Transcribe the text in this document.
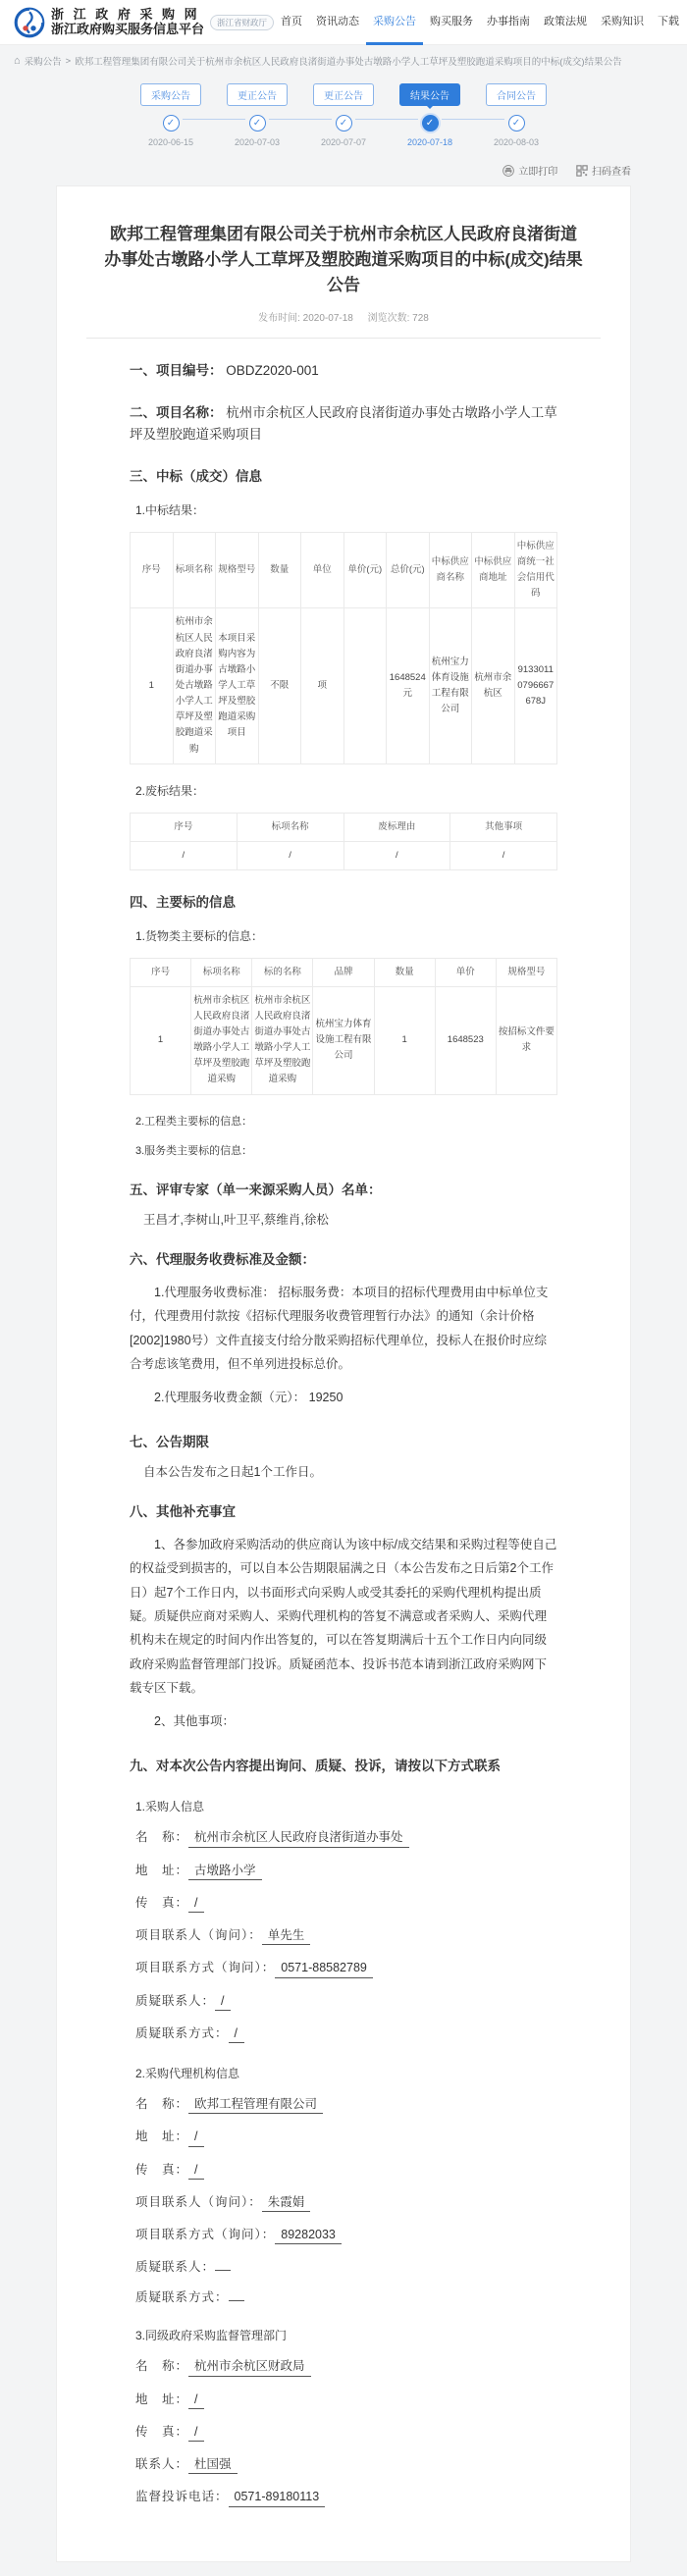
浙 江 政 府 采 购 网
浙江政府购买服务信息平台	浙江省财政厅	首页	资讯动态	采购公告	购买服务	办事指南	政策法规	采购知识	下载
⌂ 采购公告 > 欧邦工程管理集团有限公司关于杭州市余杭区人民政府良渚街道办事处古墩路小学人工草坪及塑胶跑道采购项目的中标(成交)结果公告
采购公告
✓
2020-06-15
更正公告
✓
2020-07-03
更正公告
✓
2020-07-07
结果公告
✓
2020-07-18
合同公告
✓
2020-08-03
立即打印
	扫码查看
欧邦工程管理集团有限公司关于杭州市余杭区人民政府良渚街道办事处古墩路小学人工草坪及塑胶跑道采购项目的中标(成交)结果公告
发布时间: 2020-07-18 浏览次数: 728
一、项目编号： OBDZ2020-001
二、项目名称： 杭州市余杭区人民政府良渚街道办事处古墩路小学人工草坪及塑胶跑道采购项目
三、中标（成交）信息
1.中标结果：
序号	标项名称	规格型号	数量	单位	单价(元)	总价(元)	中标供应商名称	中标供应商地址	中标供应商统一社会信用代码
1	杭州市余杭区人民政府良渚街道办事处古墩路小学人工草坪及塑胶跑道采购	本项目采购内容为古墩路小学人工草坪及塑胶跑道采购项目	不限	项		1648524元	杭州宝力体育设施工程有限公司	杭州市余杭区	91330110796667678J
2.废标结果：
序号	标项名称	废标理由	其他事项
/	/	/	/
四、主要标的信息
1.货物类主要标的信息：
序号	标项名称	标的名称	品牌	数量	单价	规格型号
1	杭州市余杭区人民政府良渚街道办事处古墩路小学人工草坪及塑胶跑道采购	杭州市余杭区人民政府良渚街道办事处古墩路小学人工草坪及塑胶跑道采购	杭州宝力体育设施工程有限公司	1	1648523	按招标文件要求
2.工程类主要标的信息：
3.服务类主要标的信息：
五、评审专家（单一来源采购人员）名单：
王昌才,李树山,叶卫平,蔡维肖,徐松
六、代理服务收费标准及金额：

1.代理服务收费标准： 招标服务费：本项目的招标代理费用由中标单位支付，代理费用付款按《招标代理服务收费管理暂行办法》的通知（余计价格[2002]1980号）文件直接支付给分散采购招标代理单位，投标人在报价时应综合考虑该笔费用，但不单列进投标总价。

2.代理服务收费金额（元）： 19250

七、公告期限
自本公告发布之日起1个工作日。
八、其他补充事宜

1、各参加政府采购活动的供应商认为该中标/成交结果和采购过程等使自己的权益受到损害的，可以自本公告期限届满之日（本公告发布之日后第2个工作日）起7个工作日内，以书面形式向采购人或受其委托的采购代理机构提出质疑。质疑供应商对采购人、采购代理机构的答复不满意或者采购人、采购代理机构未在规定的时间内作出答复的，可以在答复期满后十五个工作日内向同级政府采购监督管理部门投诉。质疑函范本、投诉书范本请到浙江政府采购网下载专区下载。

2、其他事项：

九、对本次公告内容提出询问、质疑、投诉，请按以下方式联系
1.采购人信息
名　称： 杭州市余杭区人民政府良渚街道办事处
地　址： 古墩路小学
传　真： /
项目联系人（询问）： 单先生
项目联系方式（询问）： 0571-88582789
质疑联系人： /
质疑联系方式： /
2.采购代理机构信息
名　称： 欧邦工程管理有限公司
地　址： /
传　真： /
项目联系人（询问）： 朱霞娟
项目联系方式（询问）： 89282033
质疑联系人：
质疑联系方式：
3.同级政府采购监督管理部门
名　称： 杭州市余杭区财政局
地　址： /
传　真： /
联系人： 杜国强
监督投诉电话： 0571-89180113
